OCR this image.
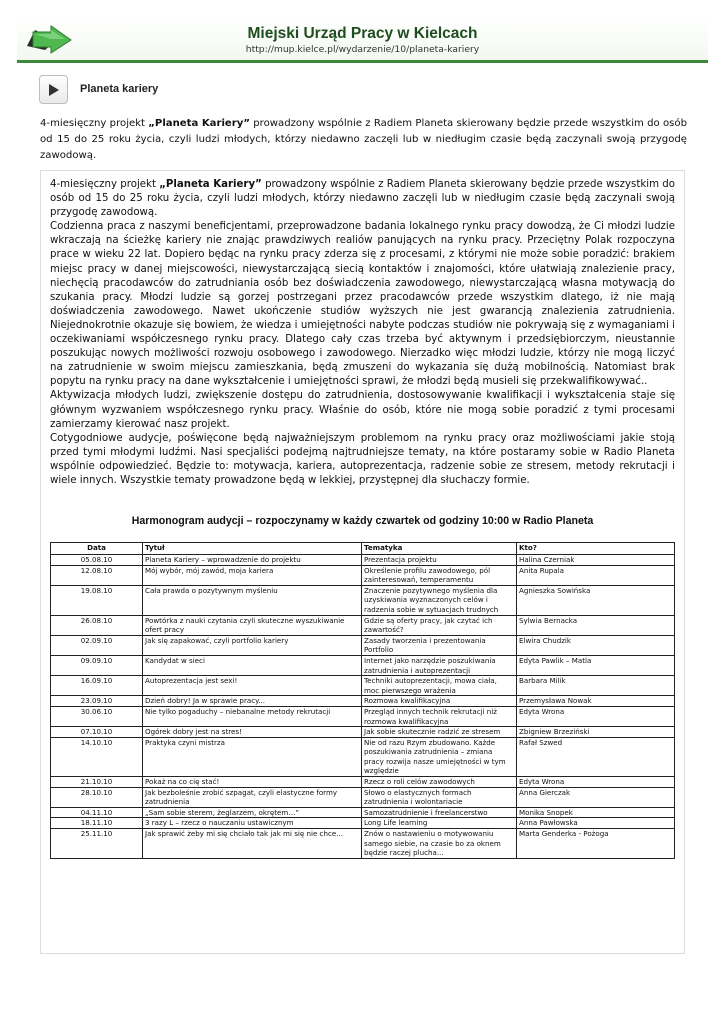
Miejski Urząd Pracy w Kielcach
http://mup.kielce.pl/wydarzenie/10/planeta-kariery
Planeta kariery
4-miesięczny projekt „Planeta Kariery” prowadzony wspólnie z Radiem Planeta skierowany będzie przede wszystkim do osób od 15 do 25 roku życia, czyli ludzi młodych, którzy niedawno zaczęli lub w niedługim czasie będą zaczynali swoją przygodę zawodową.

4-miesięczny projekt „Planeta Kariery” prowadzony wspólnie z Radiem Planeta skierowany będzie przede wszystkim do osób od 15 do 25 roku życia, czyli ludzi młodych, którzy niedawno zaczęli lub w niedługim czasie będą zaczynali swoją przygodę zawodową.

Codzienna praca z naszymi beneficjentami, przeprowadzone badania lokalnego rynku pracy dowodzą, że Ci młodzi ludzie wkraczają na ścieżkę kariery nie znając prawdziwych realiów panujących na rynku pracy. Przeciętny Polak rozpoczyna prace w wieku 22 lat. Dopiero będąc na rynku pracy zderza się z procesami, z którymi nie może sobie poradzić: brakiem miejsc pracy w danej miejscowości, niewystarczającą siecią kontaktów i znajomości, które ułatwiają znalezienie pracy, niechęcią pracodawców do zatrudniania osób bez doświadczenia zawodowego, niewystarczającą własna motywacją do szukania pracy. Młodzi ludzie są gorzej postrzegani przez pracodawców przede wszystkim dlatego, iż nie mają doświadczenia zawodowego. Nawet ukończenie studiów wyższych nie jest gwarancją znalezienia zatrudnienia. Niejednokrotnie okazuje się bowiem, że wiedza i umiejętności nabyte podczas studiów nie pokrywają się z wymaganiami i oczekiwaniami współczesnego rynku pracy. Dlatego cały czas trzeba być aktywnym i przedsiębiorczym, nieustannie poszukując nowych możliwości rozwoju osobowego i zawodowego. Nierzadko więc młodzi ludzie, którzy nie mogą liczyć na zatrudnienie w swoim miejscu zamieszkania, będą zmuszeni do wykazania się dużą mobilnością. Natomiast brak popytu na rynku pracy na dane wykształcenie i umiejętności sprawi, że młodzi będą musieli się przekwalifikowywać..

Aktywizacja młodych ludzi, zwiększenie dostępu do zatrudnienia, dostosowywanie kwalifikacji i wykształcenia staje się głównym wyzwaniem współczesnego rynku pracy. Właśnie do osób, które nie mogą sobie poradzić z tymi procesami zamierzamy kierować nasz projekt.

Cotygodniowe audycje, poświęcone będą najważniejszym problemom na rynku pracy oraz możliwościami jakie stoją przed tymi młodymi ludźmi. Nasi specjaliści podejmą najtrudniejsze tematy, na które postaramy sobie w Radio Planeta wspólnie odpowiedzieć. Będzie to: motywacja, kariera, autoprezentacja, radzenie sobie ze stresem, metody rekrutacji i wiele innych. Wszystkie tematy prowadzone będą w lekkiej, przystępnej dla słuchaczy formie.

Harmonogram audycji – rozpoczynamy w każdy czwartek od godziny 10:00 w Radio Planeta
Data	Tytuł	Tematyka	Kto?
05.08.10	Planeta Kariery – wprowadzenie do projektu	Prezentacja projektu	Halina Czerniak
12.08.10	Mój wybór, mój zawód, moja kariera	Określenie profilu zawodowego, pól zainteresowań, temperamentu	Anita Rupala
19.08.10	Cała prawda o pozytywnym myśleniu	Znaczenie pozytywnego myślenia dla uzyskiwania wyznaczonych celów i radzenia sobie w sytuacjach trudnych	Agnieszka Sowińska
26.08.10	Powtórka z nauki czytania czyli skuteczne wyszukiwanie ofert pracy	Gdzie są oferty pracy, jak czytać ich zawartość?	Sylwia Bernacka
02.09.10	Jak się zapakować, czyli portfolio kariery	Zasady tworzenia i prezentowania Portfolio	Elwira Chudzik
09.09.10	Kandydat w sieci	Internet jako narzędzie poszukiwania zatrudnienia i autoprezentacji	Edyta Pawlik – Matla
16.09.10	Autoprezentacja jest sexi!	Techniki autoprezentacji, mowa ciała, moc pierwszego wrażenia	Barbara Milik
23.09.10	Dzień dobry! Ja w sprawie pracy...	Rozmowa kwalifikacyjna	Przemysława Nowak
30.06.10	Nie tylko pogaduchy – niebanalne metody rekrutacji	Przegląd innych technik rekrutacji niż rozmowa kwalifikacyjna	Edyta Wrona
07.10.10	Ogórek dobry jest na stres!	Jak sobie skutecznie radzić ze stresem	Zbigniew Brzeziński
14.10.10	Praktyka czyni mistrza	Nie od razu Rzym zbudowano. Każde poszukiwania zatrudnienia – zmiana pracy rozwija nasze umiejętności w tym względzie	Rafał Szwed
21.10.10	Pokaż na co cię stać!	Rzecz o roli celów zawodowych	Edyta Wrona
28.10.10	Jak bezboleśnie zrobić szpagat, czyli elastyczne formy zatrudnienia	Słowo o elastycznych formach zatrudnienia i wolontariacie	Anna Gierczak
04.11.10	„Sam sobie sterem, żeglarzem, okrętem…”	Samozatrudnienie i freelancerstwo	Monika Snopek
18.11.10	3 razy L – rzecz o nauczaniu ustawicznym	Long Life learning	Anna Pawłowska
25.11.10	Jak sprawić żeby mi się chciało tak jak mi się nie chce...	Znów o nastawieniu o motywowaniu samego siebie, na czasie bo za oknem będzie raczej plucha...	Marta Genderka - Pożoga
